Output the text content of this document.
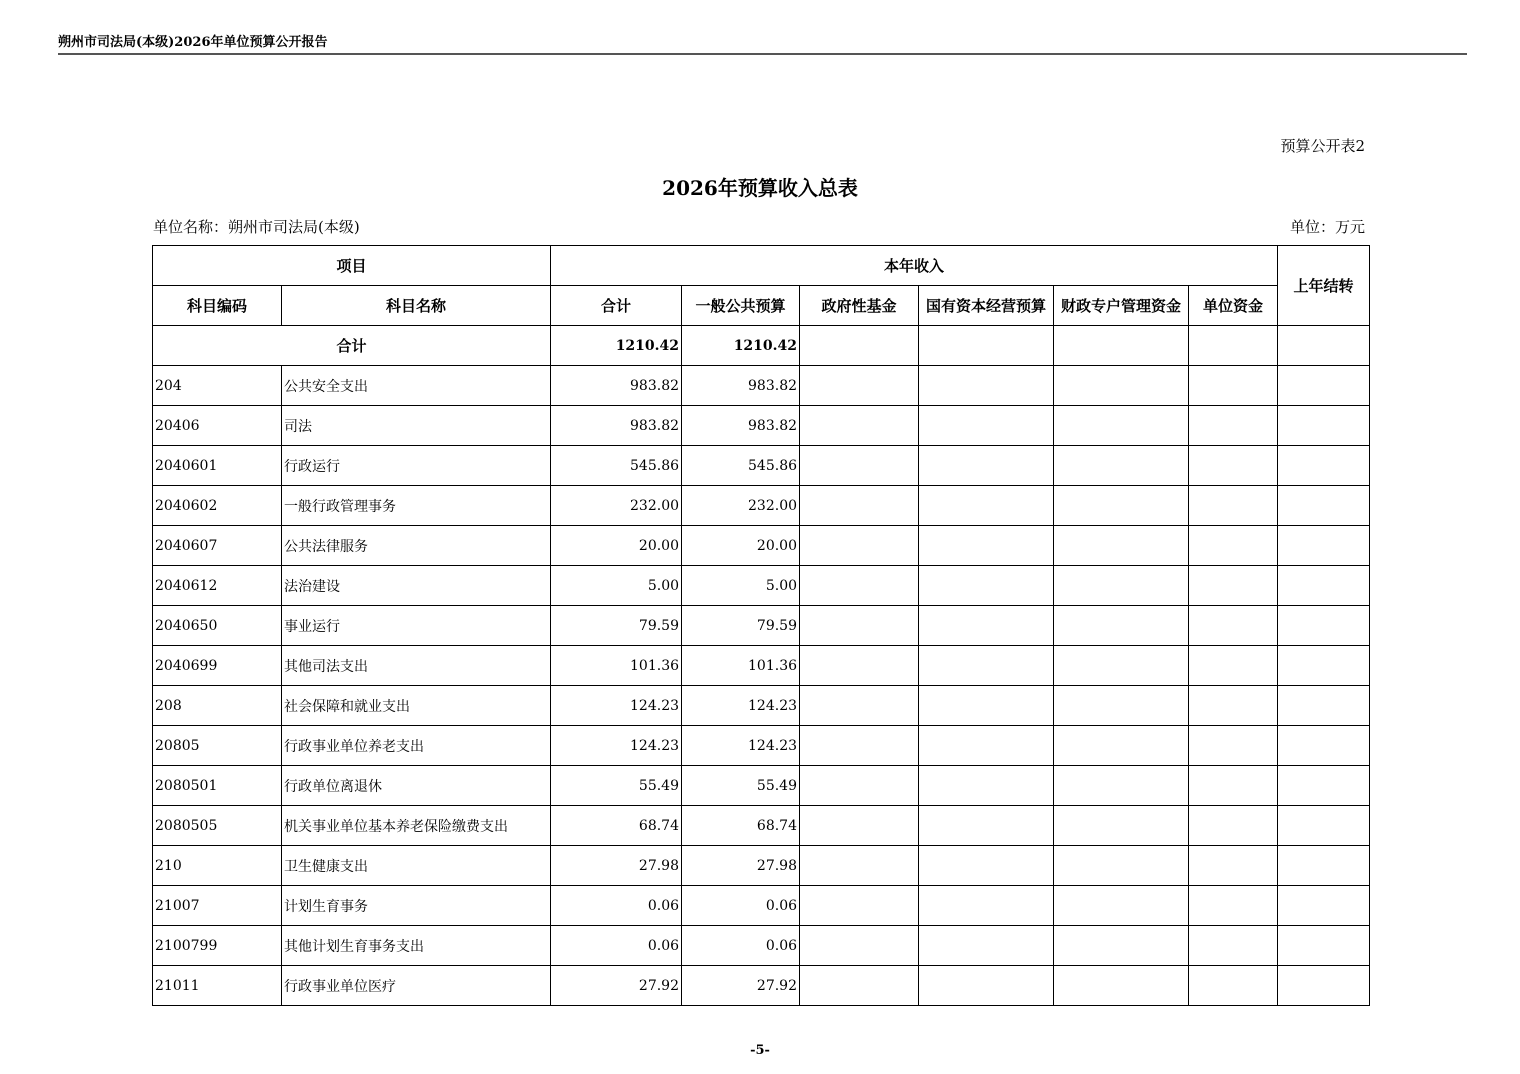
朔州市司法局(本级)2026年单位预算公开报告
预算公开表2
2026年预算收入总表
单位名称：朔州市司法局(本级)	单位：万元
项目		本年收入						上年结转
科目编码	科目名称	合计	一般公共预算	政府性基金	国有资本经营预算	财政专户管理资金	单位资金	
合计		1210.42	1210.42					
204	公共安全支出	983.82	983.82					
20406	司法	983.82	983.82					
2040601	行政运行	545.86	545.86					
2040602	一般行政管理事务	232.00	232.00					
2040607	公共法律服务	20.00	20.00					
2040612	法治建设	5.00	5.00					
2040650	事业运行	79.59	79.59					
2040699	其他司法支出	101.36	101.36					
208	社会保障和就业支出	124.23	124.23					
20805	行政事业单位养老支出	124.23	124.23					
2080501	行政单位离退休	55.49	55.49					
2080505	机关事业单位基本养老保险缴费支出	68.74	68.74					
210	卫生健康支出	27.98	27.98					
21007	计划生育事务	0.06	0.06					
2100799	其他计划生育事务支出	0.06	0.06					
21011	行政事业单位医疗	27.92	27.92					
-5-
